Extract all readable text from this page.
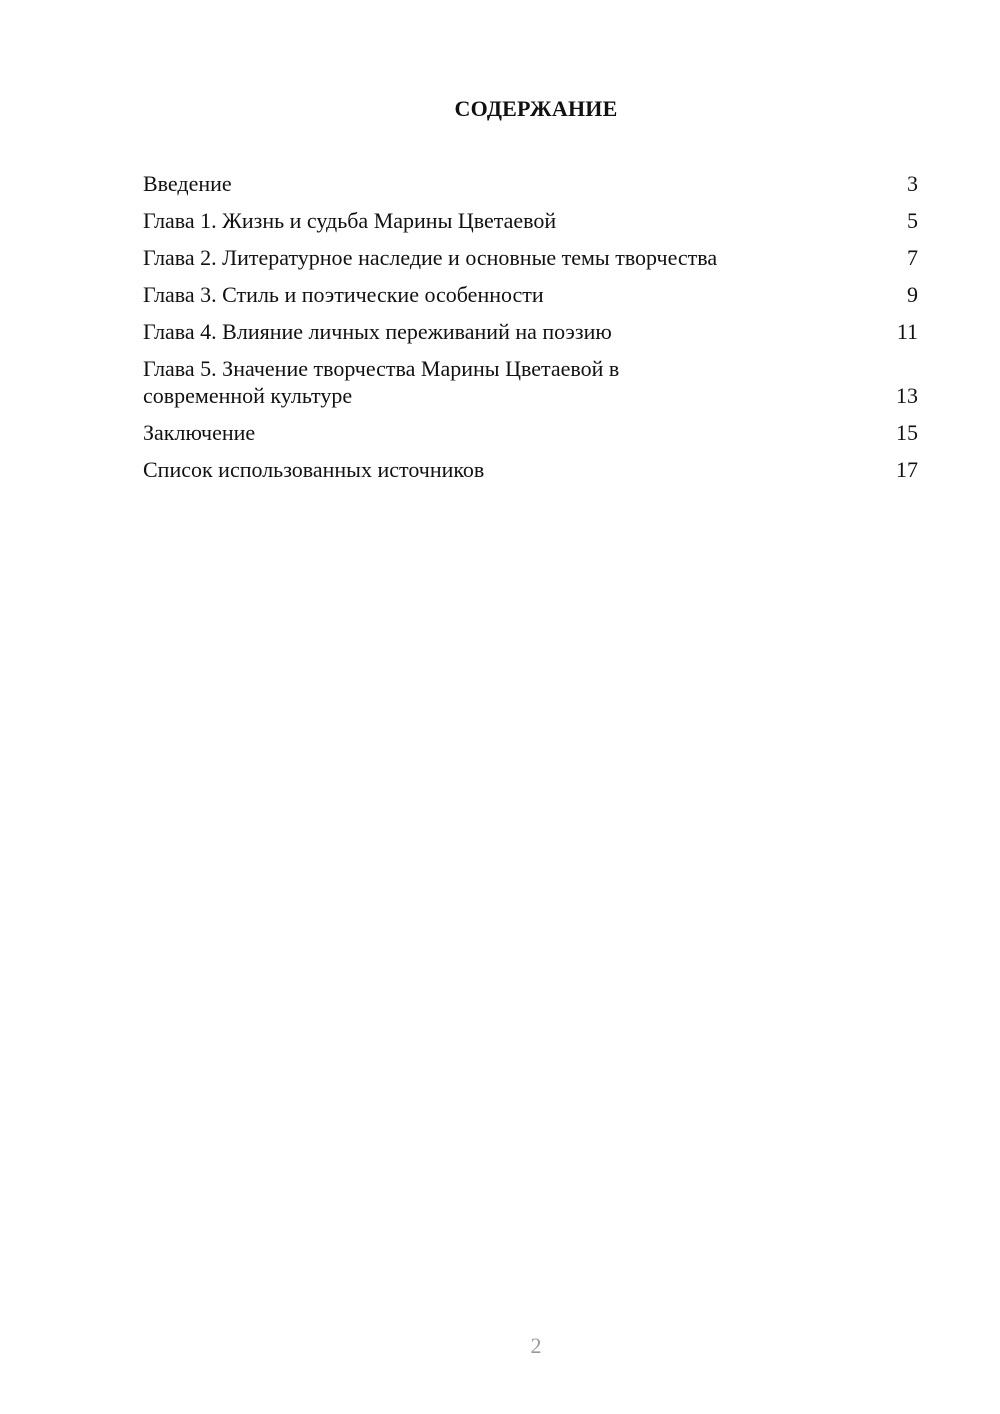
СОДЕРЖАНИЕ
Введение	3
Глава 1. Жизнь и судьба Марины Цветаевой	5
Глава 2. Литературное наследие и основные темы творчества	7
Глава 3. Стиль и поэтические особенности	9
Глава 4. Влияние личных переживаний на поэзию	11
Глава 5. Значение творчества Марины Цветаевой в современной культуре	13
Заключение	15
Список использованных источников	17
2
